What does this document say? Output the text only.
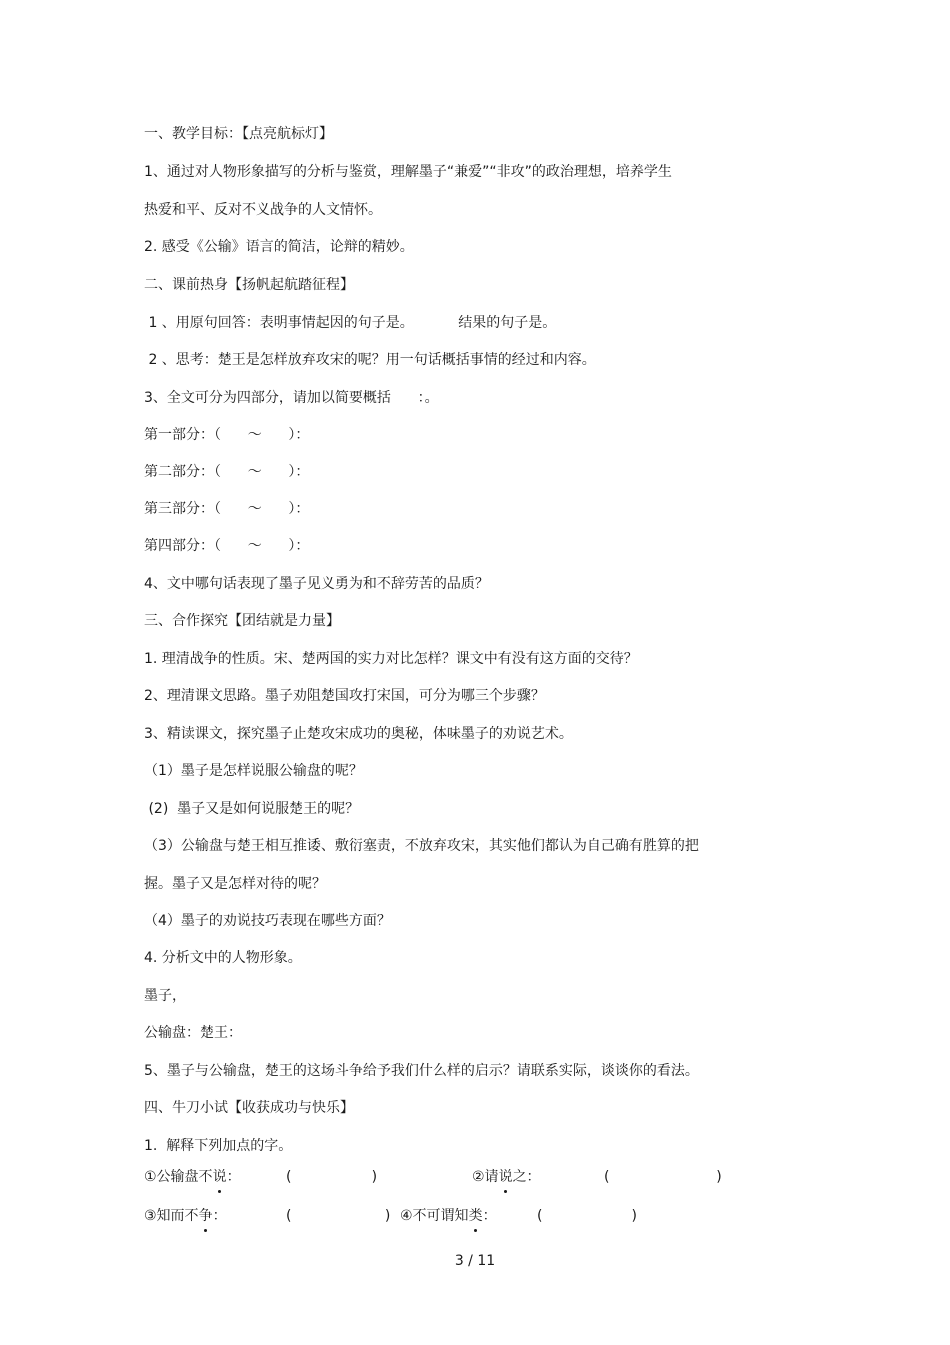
一、教学目标：【点亮航标灯】
1、通过对人物形象描写的分析与鉴赏，理解墨子“兼爱”“非攻”的政治理想，培养学生
热爱和平、反对不义战争的人文情怀。
2. 感受《公输》语言的简洁，论辩的精妙。
二、课前热身【扬帆起航踏征程】
1 、用原句回答：表明事情起因的句子是。          结果的句子是。
2 、思考：楚王是怎样放弃攻宋的呢？用一句话概括事情的经过和内容。
3、全文可分为四部分，请加以简要概括      ：。
第一部分：（      ～      ）：
第二部分：（      ～      ）：
第三部分：（      ～      ）：
第四部分：（      ～      ）：
4、文中哪句话表现了墨子见义勇为和不辞劳苦的品质？
三、合作探究【团结就是力量】
1. 理清战争的性质。宋、楚两国的实力对比怎样？课文中有没有这方面的交待？
2、理清课文思路。墨子劝阻楚国攻打宋国，可分为哪三个步骤？
3、精读课文，探究墨子止楚攻宋成功的奥秘，体味墨子的劝说艺术。
（1）墨子是怎样说服公输盘的呢？
(2)  墨子又是如何说服楚王的呢？
（3）公输盘与楚王相互推诿、敷衍塞责，不放弃攻宋，其实他们都认为自己确有胜算的把
握。墨子又是怎样对待的呢？
（4）墨子的劝说技巧表现在哪些方面？
4. 分析文中的人物形象。
墨子，
公输盘：楚王：
5、墨子与公输盘，楚王的这场斗争给予我们什么样的启示？请联系实际，谈谈你的看法。
四、牛刀小试【收获成功与快乐】
1.  解释下列加点的字。
①公输盘不说：	(                  )	②请说之：	(                        )
③知而不争：	(                     ) ④不可谓知类：	(                    )
3 / 11
